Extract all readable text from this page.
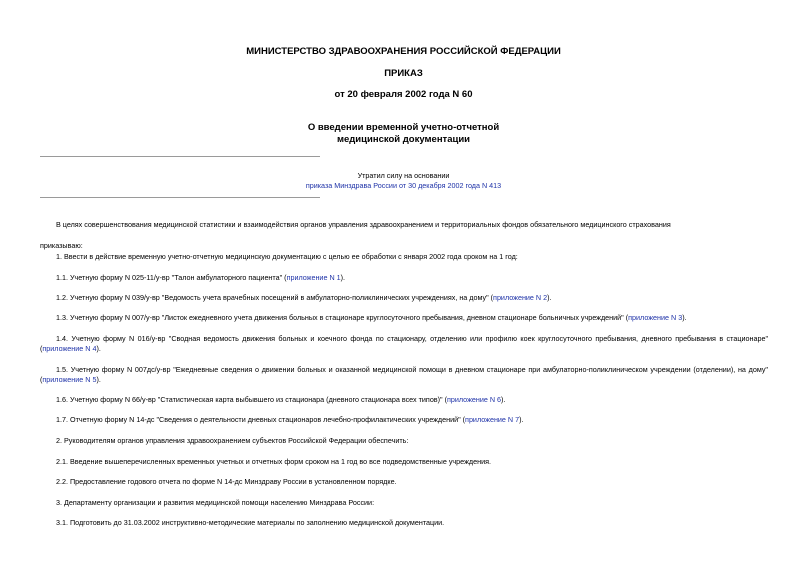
МИНИСТЕРСТВО ЗДРАВООХРАНЕНИЯ РОССИЙСКОЙ ФЕДЕРАЦИИ
ПРИКАЗ
от 20 февраля 2002 года N 60
О введении временной учетно-отчетной
медицинской документации
Утратил силу на основании
приказа Минздрава России от 30 декабря 2002 года N 413
В целях совершенствования медицинской статистики и взаимодействия органов управления здравоохранением и территориальных фондов обязательного медицинского страхования
приказываю:
1. Ввести в действие временную учетно-отчетную медицинскую документацию с целью ее обработки с января 2002 года сроком на 1 год:
1.1. Учетную форму N 025-11/у-вр "Талон амбулаторного пациента" (приложение N 1).
1.2. Учетную форму N 039/у-вр "Ведомость учета врачебных посещений в амбулаторно-поликлинических учреждениях, на дому" (приложение N 2).
1.3. Учетную форму N 007/у-вр "Листок ежедневного учета движения больных в стационаре круглосуточного пребывания, дневном стационаре больничных учреждений" (приложение N 3).
1.4. Учетную форму N 016/у-вр "Сводная ведомость движения больных и коечного фонда по стационару, отделению или профилю коек круглосуточного пребывания, дневного пребывания в стационаре" (приложение N 4).
1.5. Учетную форму N 007дс/у-вр "Ежедневные сведения о движении больных и оказанной медицинской помощи в дневном стационаре при амбулаторно-поликлиническом учреждении (отделении), на дому" (приложение N 5).
1.6. Учетную форму N 66/у-вр "Статистическая карта выбывшего из стационара (дневного стационара всех типов)" (приложение N 6).
1.7. Отчетную форму N 14-дс "Сведения о деятельности дневных стационаров лечебно-профилактических учреждений" (приложение N 7).
2. Руководителям органов управления здравоохранением субъектов Российской Федерации обеспечить:
2.1. Введение вышеперечисленных временных учетных и отчетных форм сроком на 1 год во все подведомственные учреждения.
2.2. Предоставление годового отчета по форме N 14-дс Минздраву России в установленном порядке.
3. Департаменту организации и развития медицинской помощи населению Минздрава России:
3.1. Подготовить до 31.03.2002 инструктивно-методические материалы по заполнению медицинской документации.
